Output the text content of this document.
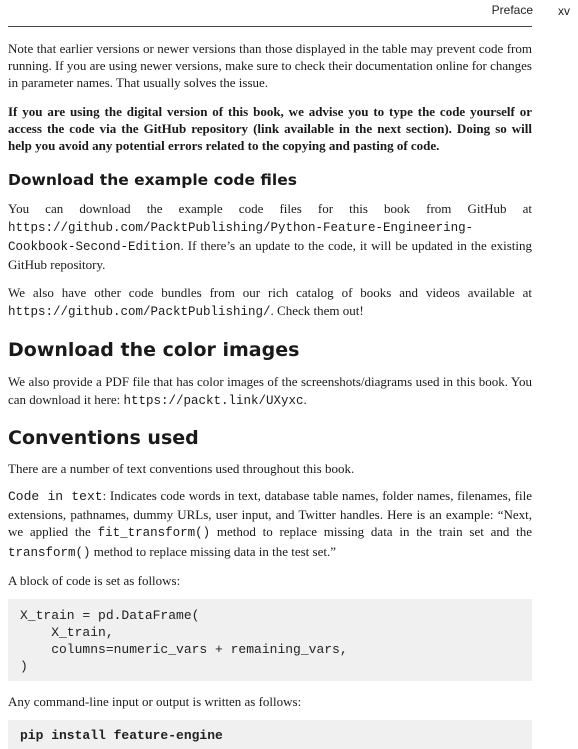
Preface xv

Note that earlier versions or newer versions than those displayed in the table may prevent code from running. If you are using newer versions, make sure to check their documentation online for changes in parameter names. That usually solves the issue.

If you are using the digital version of this book, we advise you to type the code yourself or access the code via the GitHub repository (link available in the next section). Doing so will help you avoid any potential errors related to the copying and pasting of code.

Download the example code files

You can download the example code files for this book from GitHub at https://github.com/PacktPublishing/Python-Feature-Engineering-Cookbook-Second-Edition. If there’s an update to the code, it will be updated in the existing GitHub repository.

We also have other code bundles from our rich catalog of books and videos available at https://github.com/PacktPublishing/. Check them out!

Download the color images

We also provide a PDF file that has color images of the screenshots/diagrams used in this book. You can download it here: https://packt.link/UXyxc.

Conventions used

There are a number of text conventions used throughout this book.

Code in text: Indicates code words in text, database table names, folder names, filenames, file extensions, pathnames, dummy URLs, user input, and Twitter handles. Here is an example: “Next, we applied the fit_transform() method to replace missing data in the train set and the transform() method to replace missing data in the test set.”

A block of code is set as follows:

X_train = pd.DataFrame(
X_train,
columns=numeric_vars + remaining_vars,
)

Any command-line input or output is written as follows:

pip install feature-engine
